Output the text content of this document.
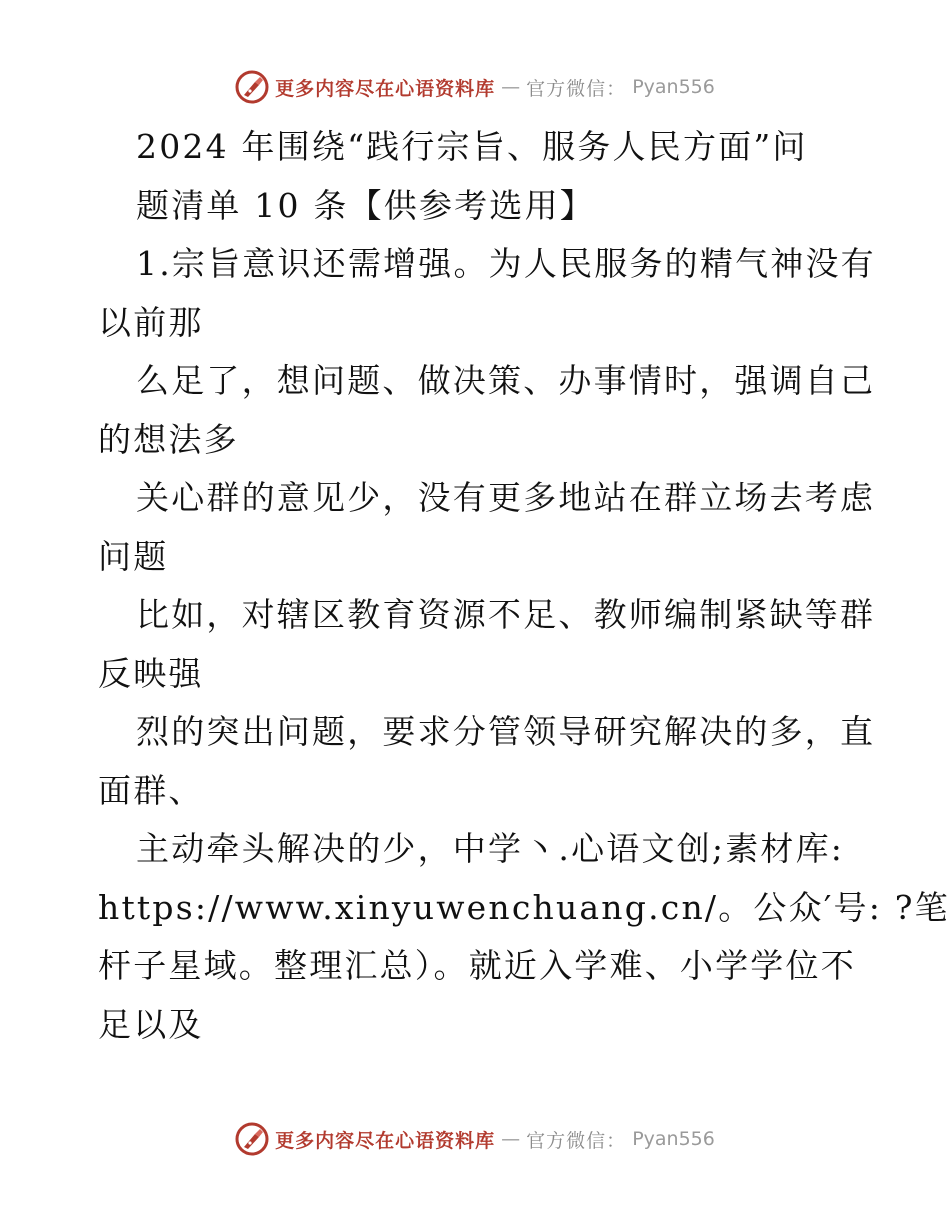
更多内容尽在心语资料库 — 官方微信： Pyan556
2024 年围绕“践行宗旨、服务人民方面”问
题清单 10 条【供参考选用】
1.宗旨意识还需增强。为人民服务的精气神没有
以前那
么足了，想问题、做决策、办事情时，强调自己
的想法多
关心群的意见少，没有更多地站在群立场去考虑
问题
比如，对辖区教育资源不足、教师编制紧缺等群
反映强
烈的突出问题，要求分管领导研究解决的多，直
面群、
主动牵头解决的少，中学丶.心语文创;素材库:
https://www.xinyuwenchuang.cn/。公众′号: ?笔
杆子星域。整理汇总）。就近入学难、小学学位不
足以及
更多内容尽在心语资料库 — 官方微信： Pyan556
